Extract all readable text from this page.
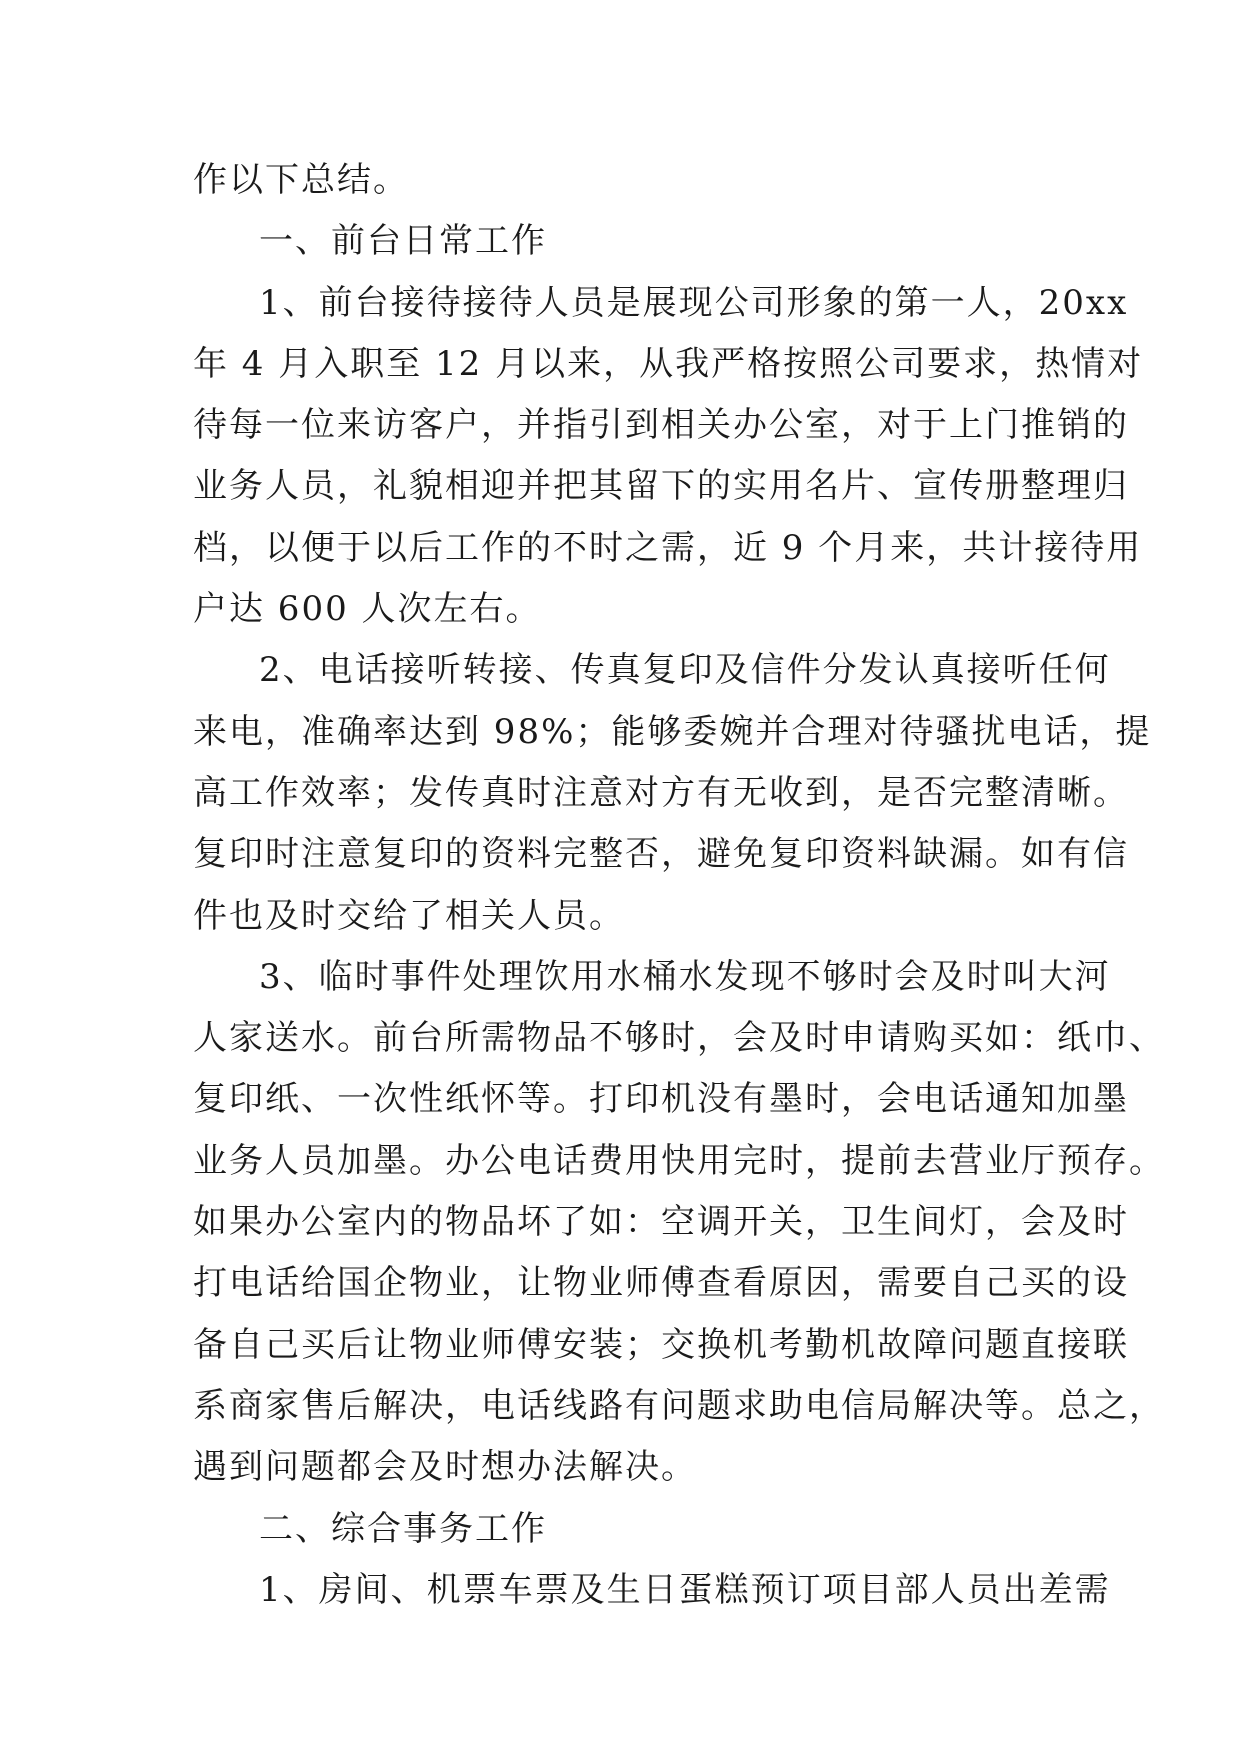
作以下总结。

一、前台日常工作

1、前台接待接待人员是展现公司形象的第一人，20xx

年 4 月入职至 12 月以来，从我严格按照公司要求，热情对

待每一位来访客户，并指引到相关办公室，对于上门推销的

业务人员，礼貌相迎并把其留下的实用名片、宣传册整理归

档，以便于以后工作的不时之需，近 9 个月来，共计接待用

户达 600 人次左右。

2、电话接听转接、传真复印及信件分发认真接听任何

来电，准确率达到 98%；能够委婉并合理对待骚扰电话，提

高工作效率；发传真时注意对方有无收到，是否完整清晰。

复印时注意复印的资料完整否，避免复印资料缺漏。如有信

件也及时交给了相关人员。

3、临时事件处理饮用水桶水发现不够时会及时叫大河

人家送水。前台所需物品不够时，会及时申请购买如：纸巾、

复印纸、一次性纸怀等。打印机没有墨时，会电话通知加墨

业务人员加墨。办公电话费用快用完时，提前去营业厅预存。

如果办公室内的物品坏了如：空调开关，卫生间灯，会及时

打电话给国企物业，让物业师傅查看原因，需要自己买的设

备自己买后让物业师傅安装；交换机考勤机故障问题直接联

系商家售后解决，电话线路有问题求助电信局解决等。总之，

遇到问题都会及时想办法解决。

二、综合事务工作

1、房间、机票车票及生日蛋糕预订项目部人员出差需
